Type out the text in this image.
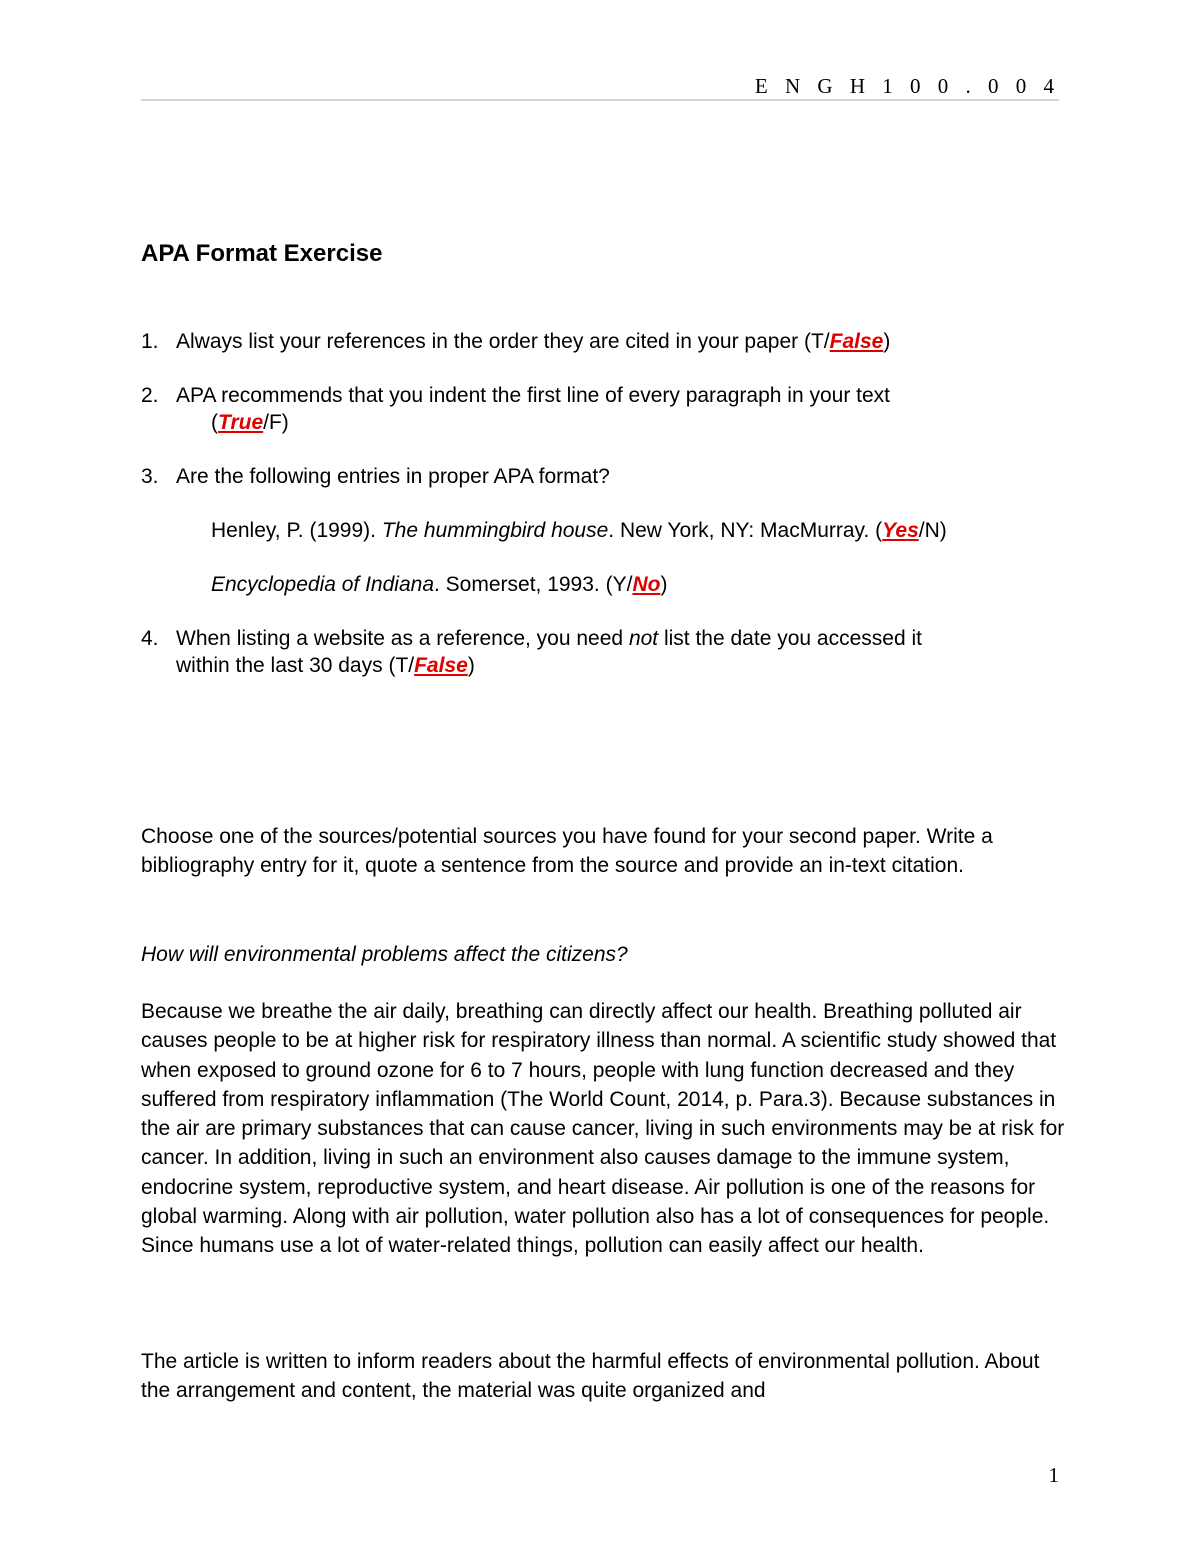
E N G H 1 0 0 . 0 0 4
APA Format Exercise
1. Always list your references in the order they are cited in your paper (T/False)
2. APA recommends that you indent the first line of every paragraph in your text
(True/F)
3. Are the following entries in proper APA format?
Henley, P. (1999). The hummingbird house. New York, NY: MacMurray. (Yes/N)
Encyclopedia of Indiana. Somerset, 1993. (Y/No)
4. When listing a website as a reference, you need not list the date you accessed it
within the last 30 days (T/False)
Choose one of the sources/potential sources you have found for your second paper. Write a bibliography entry for it, quote a sentence from the source and provide an in-text citation.
How will environmental problems affect the citizens?
Because we breathe the air daily, breathing can directly affect our health. Breathing polluted air causes people to be at higher risk for respiratory illness than normal. A scientific study showed that when exposed to ground ozone for 6 to 7 hours, people with lung function decreased and they suffered from respiratory inflammation (The World Count, 2014, p. Para.3). Because substances in the air are primary substances that can cause cancer, living in such environments may be at risk for cancer. In addition, living in such an environment also causes damage to the immune system, endocrine system, reproductive system, and heart disease. Air pollution is one of the reasons for global warming. Along with air pollution, water pollution also has a lot of consequences for people. Since humans use a lot of water-related things, pollution can easily affect our health.
The article is written to inform readers about the harmful effects of environmental pollution. About the arrangement and content, the material was quite organized and
1
